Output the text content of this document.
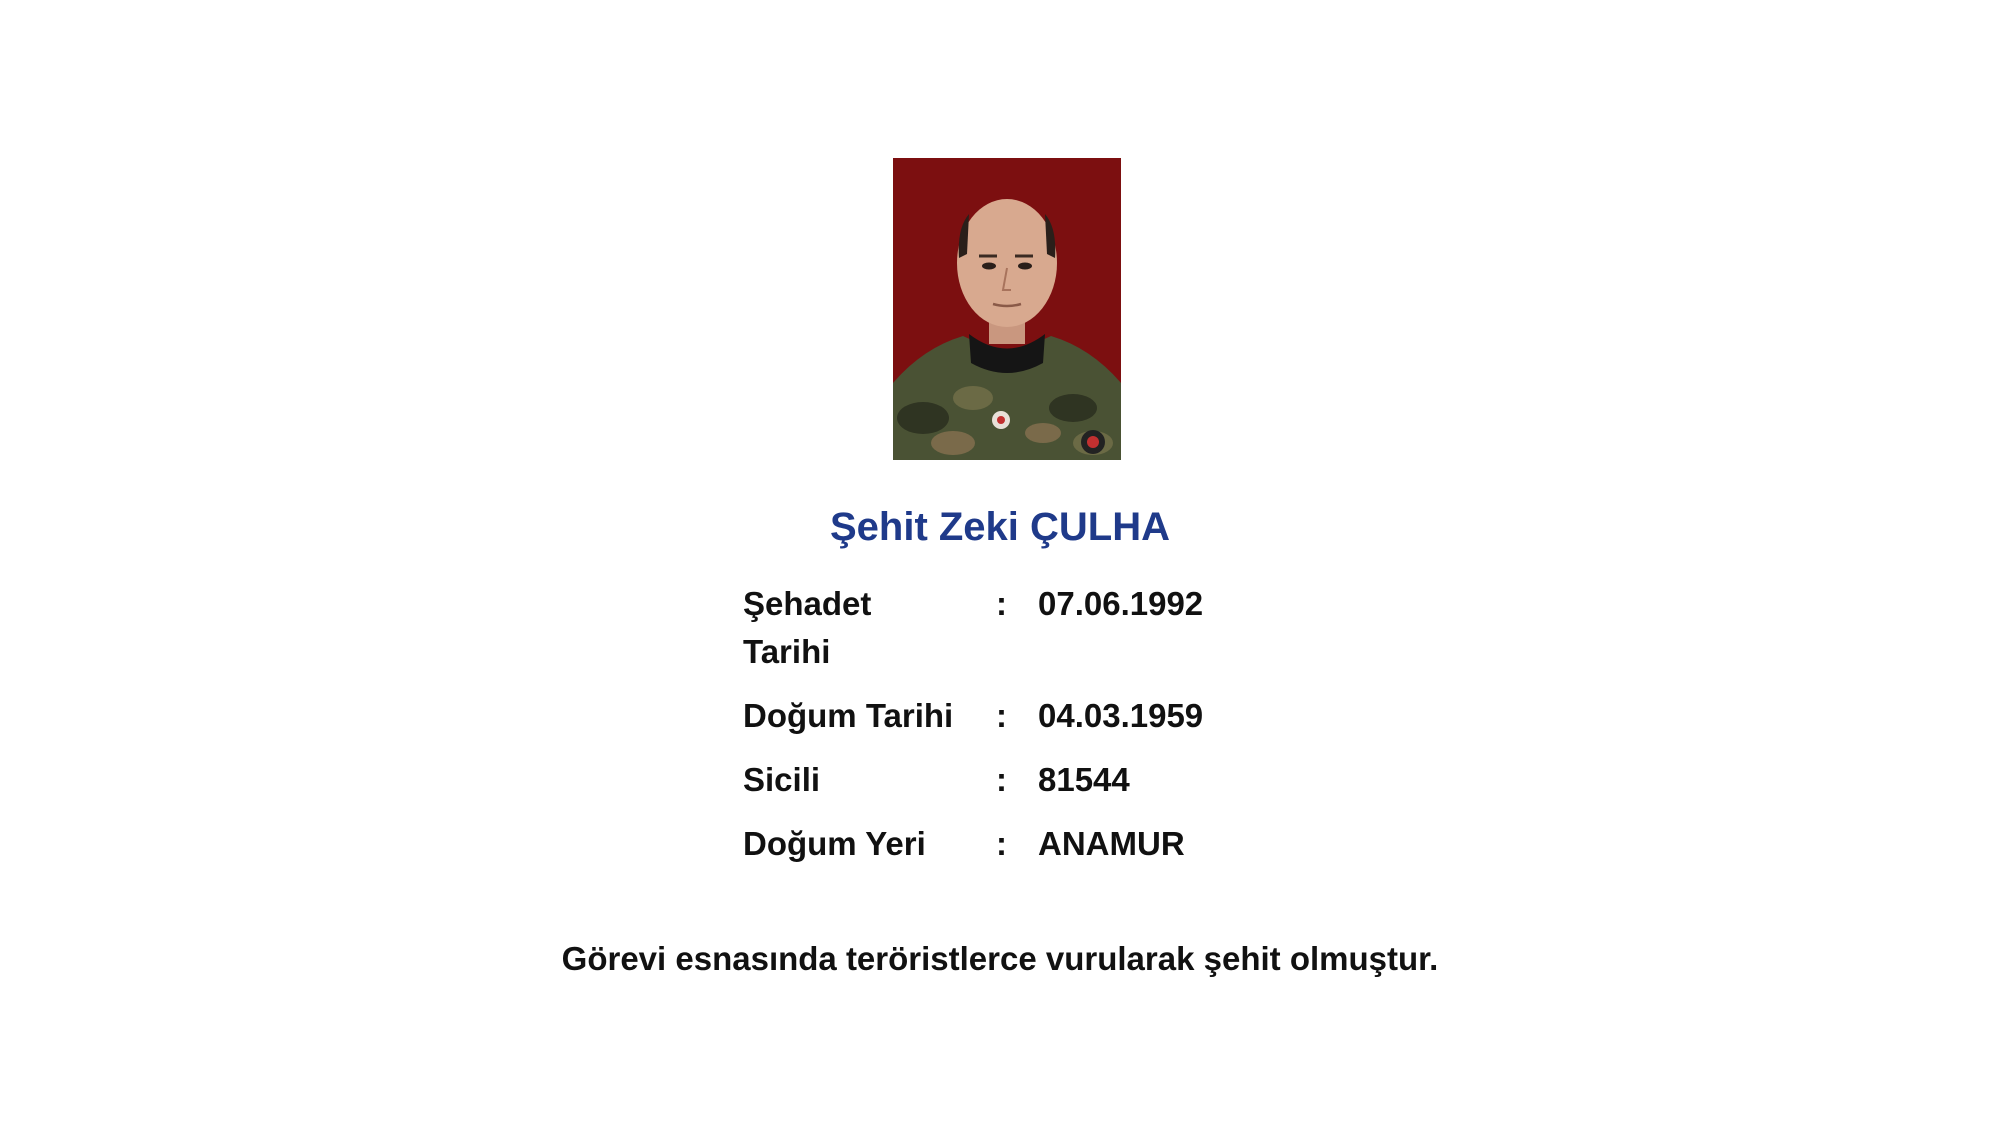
Şehit Zeki ÇULHA
Şehadet Tarihi
: 07.06.1992
Doğum Tarihi	: 04.03.1959
Sicili	: 81544
Doğum Yeri	: ANAMUR
Görevi esnasında teröristlerce vurularak şehit olmuştur.
